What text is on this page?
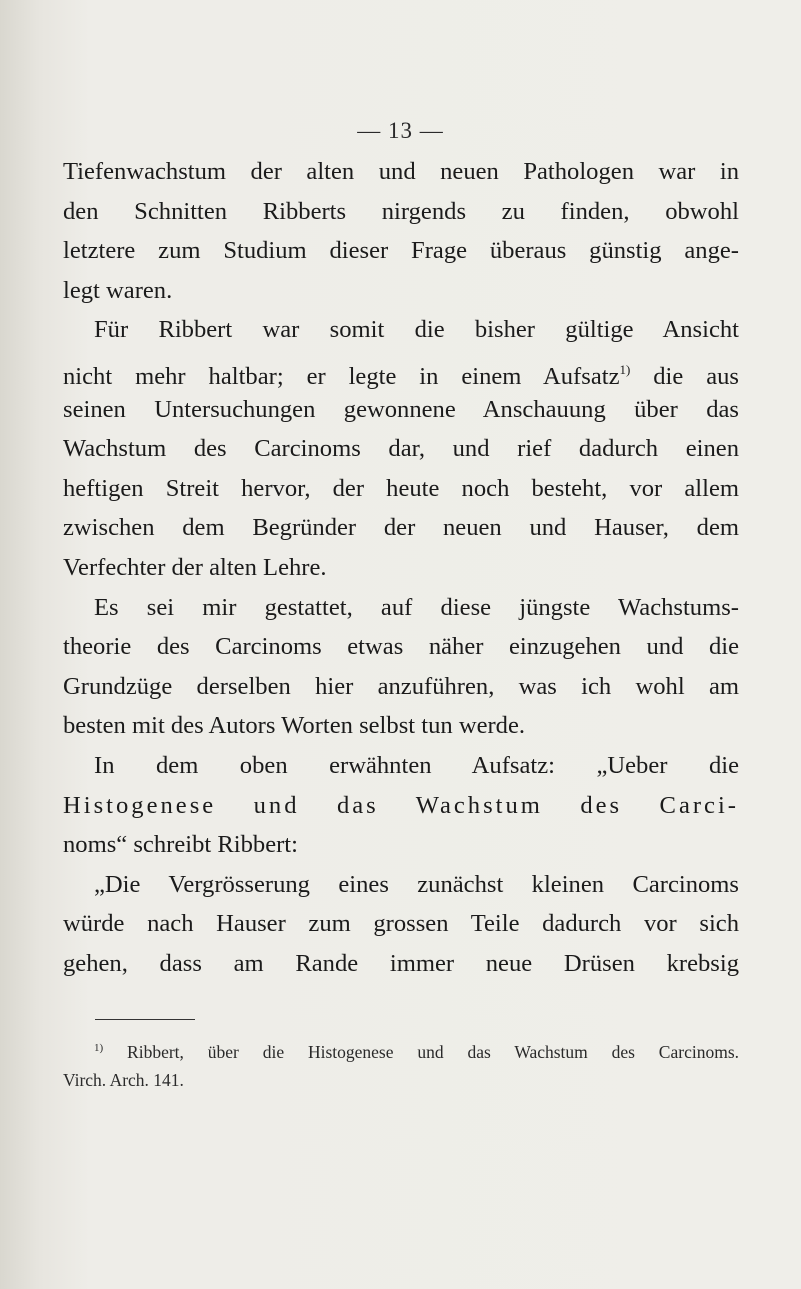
— 13 —
Tiefenwachstum der alten und neuen Pathologen war in
den Schnitten Ribberts nirgends zu finden, obwohl
letztere zum Studium dieser Frage überaus günstig ange-
legt waren.
Für Ribbert war somit die bisher gültige Ansicht
nicht mehr haltbar; er legte in einem Aufsatz$^{1)}$ die aus
seinen Untersuchungen gewonnene Anschauung über das
Wachstum des Carcinoms dar, und rief dadurch einen
heftigen Streit hervor, der heute noch besteht, vor allem
zwischen dem Begründer der neuen und Hauser, dem
Verfechter der alten Lehre.
Es sei mir gestattet, auf diese jüngste Wachstums-
theorie des Carcinoms etwas näher einzugehen und die
Grundzüge derselben hier anzuführen, was ich wohl am
besten mit des Autors Worten selbst tun werde.
In dem oben erwähnten Aufsatz: „Ueber die
Histogenese und das Wachstum des Carci-
noms“ schreibt Ribbert:
„Die Vergrösserung eines zunächst kleinen Carcinoms
würde nach Hauser zum grossen Teile dadurch vor sich
gehen, dass am Rande immer neue Drüsen krebsig
$^{1)}$ Ribbert, über die Histogenese und das Wachstum des Carcinoms.
Virch. Arch. 141.
